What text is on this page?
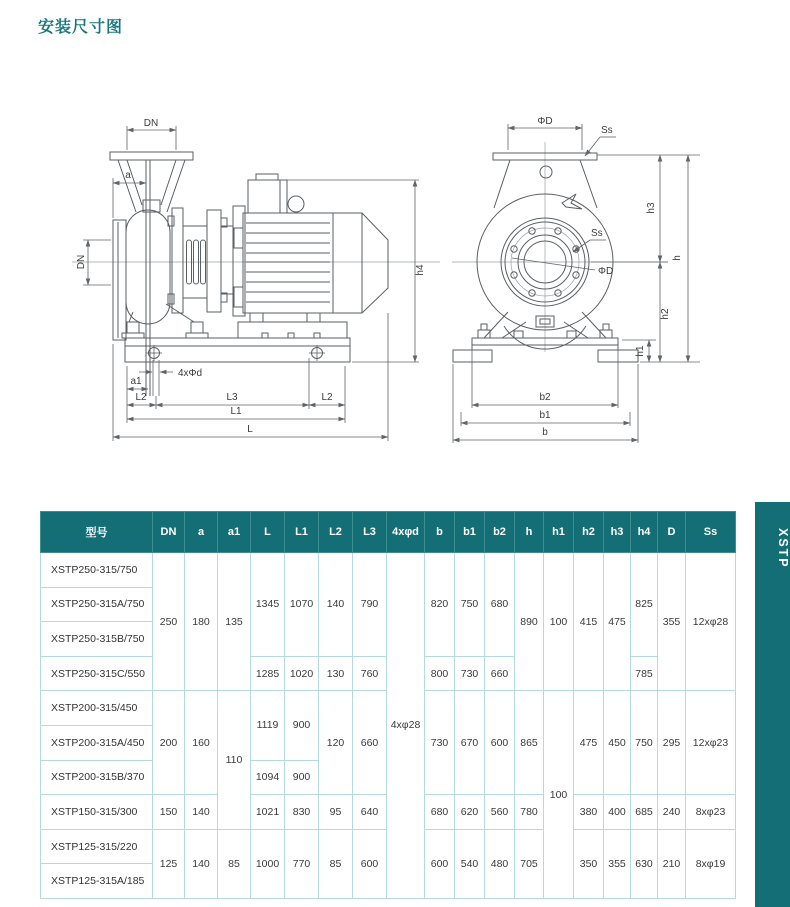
安装尺寸图
DN
a
DN
h4
a1
4xΦd
L2	L3	L2
L1
L
ΦD
Ss
Ss
ΦD
h3
h
h2
h1
b2
b1
b
型号	DN	a	a1	L	L1	L2	L3	4xφd	b	b1	b2	h	h1	h2	h3	h4	D	Ss
XSTP250-315/750	250	180	135	1345	1070	140	790	4xφ28	820	750	680	890	100	415	475	825	355	12xφ28
XSTP250-315A/750																		
XSTP250-315B/750																		
XSTP250-315C/550				1285	1020	130	760		800	730	660					785		
XSTP200-315/450	200	160	110	1119	900	120	660		730	670	600	865	100	475	450	750	295	12xφ23
XSTP200-315A/450																		
XSTP200-315B/370				1094	900													
XSTP150-315/300	150	140		1021	830	95	640		680	620	560	780		380	400	685	240	8xφ23
XSTP125-315/220	125	140	85	1000	770	85	600		600	540	480	705		350	355	630	210	8xφ19
XSTP125-315A/185																		
XSTP
